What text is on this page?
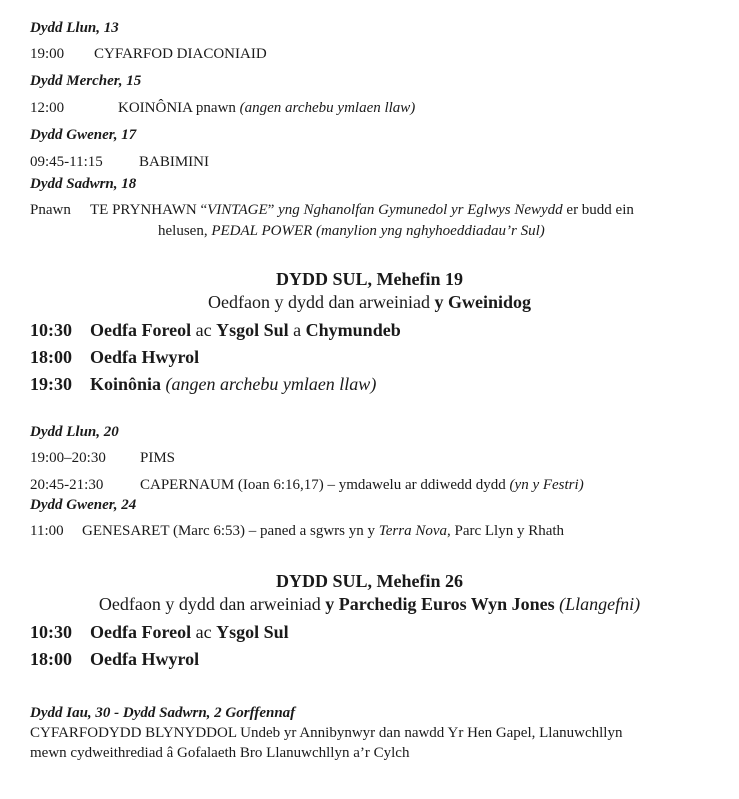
Dydd Llun, 13
19:00 CYFARFOD DIACONIAID
Dydd Mercher, 15
12:00	KOINÔNIA pnawn (angen archebu ymlaen llaw)
Dydd Gwener, 17
09:45-11:15 BABIMINI
Dydd Sadwrn, 18
Pnawn TE PRYNHAWN “VINTAGE” yng Nghanolfan Gymunedol yr Eglwys Newydd er budd ein
helusen, PEDAL POWER (manylion yng nghyhoeddiadau’r Sul)
DYDD SUL, Mehefin 19
Oedfaon y dydd dan arweiniad y Gweinidog
10:30 Oedfa Foreol ac Ysgol Sul a Chymundeb
18:00 Oedfa Hwyrol
19:30 Koinônia (angen archebu ymlaen llaw)
Dydd Llun, 20
19:00–20:30 PIMS
20:45-21:30 CAPERNAUM (Ioan 6:16,17) – ymdawelu ar ddiwedd dydd (yn y Festri)
Dydd Gwener, 24
11:00 GENESARET (Marc 6:53) – paned a sgwrs yn y Terra Nova, Parc Llyn y Rhath
DYDD SUL, Mehefin 26
Oedfaon y dydd dan arweiniad y Parchedig Euros Wyn Jones (Llangefni)
10:30 Oedfa Foreol ac Ysgol Sul
18:00 Oedfa Hwyrol
Dydd Iau, 30 - Dydd Sadwrn, 2 Gorffennaf
CYFARFODYDD BLYNYDDOL Undeb yr Annibynwyr dan nawdd Yr Hen Gapel, Llanuwchllyn
mewn cydweithrediad â Gofalaeth Bro Llanuwchllyn a’r Cylch
